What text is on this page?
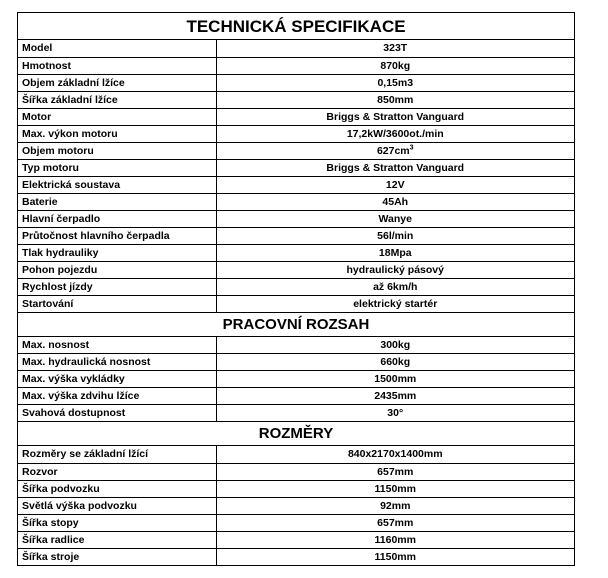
TECHNICKÁ SPECIFIKACE
Model	323T
Hmotnost	870kg
Objem základní lžíce	0,15m3
Šířka základní lžíce	850mm
Motor	Briggs & Stratton Vanguard
Max. výkon motoru	17,2kW/3600ot./min
Objem motoru	$627cm^3$
Typ motoru	Briggs & Stratton Vanguard
Elektrická soustava	12V
Baterie	45Ah
Hlavní čerpadlo	Wanye
Průtočnost hlavního čerpadla	56l/min
Tlak hydrauliky	18Mpa
Pohon pojezdu	hydraulický pásový
Rychlost jízdy	až 6km/h
Startování	elektrický startér
PRACOVNÍ ROZSAH
Max. nosnost	300kg
Max. hydraulická nosnost	660kg
Max. výška vykládky	1500mm
Max. výška zdvihu lžíce	2435mm
Svahová dostupnost	30°
ROZMĚRY
Rozměry se základní lžící	840x2170x1400mm
Rozvor	657mm
Šířka podvozku	1150mm
Světlá výška podvozku	92mm
Šířka stopy	657mm
Šířka radlice	1160mm
Šířka stroje	1150mm
